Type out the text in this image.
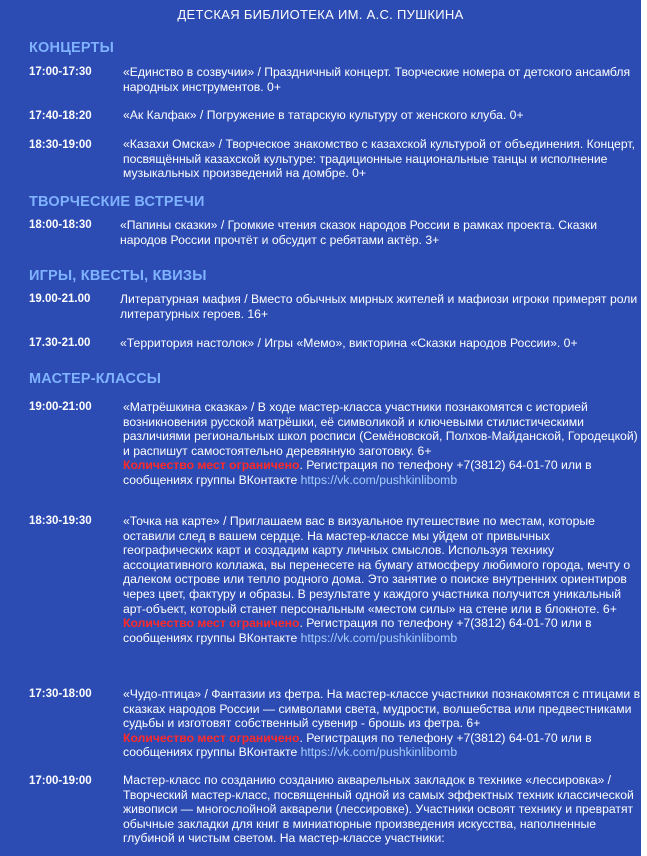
ДЕТСКАЯ БИБЛИОТЕКА ИМ. А.С. ПУШКИНА
КОНЦЕРТЫ
ТВОРЧЕСКИЕ ВСТРЕЧИ
ИГРЫ, КВЕСТЫ, КВИЗЫ
МАСТЕР-КЛАССЫ
17:00-17:30	«Единство в созвучии» / Праздничный концерт. Творческие номера от детского ансамбля народных инструментов. 0+
17:40-18:20	«Ак Калфак» / Погружение в татарскую культуру от женского клуба. 0+
18:30-19:00	«Казахи Омска» / Творческое знакомство с казахской культурой от объединения. Концерт, посвящённый казахской культуре: традиционные национальные танцы и исполнение музыкальных произведений на домбре. 0+
18:00-18:30 «Папины сказки» / Громкие чтения сказок народов России в рамках проекта. Сказки народов России прочтёт и обсудит с ребятами актёр. 3+
19.00-21.00 Литературная мафия / Вместо обычных мирных жителей и мафиози игроки примерят роли литературных героев. 16+
17.30-21.00 «Территория настолок» / Игры «Мемо», викторина «Сказки народов России». 0+
19:00-21:00	«Матрёшкина сказка» / В ходе мастер-класса участники познакомятся с историей возникновения русской матрёшки, её символикой и ключевыми стилистическими различиями региональных школ росписи (Семёновской, Полхов-Майданской, Городецкой) и распишут самостоятельно деревянную заготовку. 6+
Количество мест ограничено. Регистрация по телефону +7(3812) 64-01-70 или в сообщениях группы ВКонтакте https://vk.com/pushkinlibomb
18:30-19:30	«Точка на карте» / Приглашаем вас в визуальное путешествие по местам, которые оставили след в вашем сердце. На мастер-классе мы уйдем от привычных географических карт и создадим карту личных смыслов. Используя технику ассоциативного коллажа, вы перенесете на бумагу атмосферу любимого города, мечту о далеком острове или тепло родного дома. Это занятие о поиске внутренних ориентиров через цвет, фактуру и образы. В результате у каждого участника получится уникальный арт-объект, который станет персональным «местом силы» на стене или в блокноте. 6+
Количество мест ограничено. Регистрация по телефону +7(3812) 64-01-70 или в сообщениях группы ВКонтакте https://vk.com/pushkinlibomb
17:30-18:00	«Чудо-птица» / Фантазии из фетра. На мастер-классе участники познакомятся с птицами в сказках народов России — символами света, мудрости, волшебства или предвестниками судьбы и изготовят собственный сувенир - брошь из фетра. 6+
Количество мест ограничено. Регистрация по телефону +7(3812) 64-01-70 или в сообщениях группы ВКонтакте https://vk.com/pushkinlibomb
17:00-19:00	Мастер-класс по созданию созданию акварельных закладок в технике «лессировка» / Творческий мастер-класс, посвященный одной из самых эффектных техник классической живописи — многослойной акварели (лессировке). Участники освоят технику и превратят обычные закладки для книг в миниатюрные произведения искусства, наполненные глубиной и чистым светом. На мастер-классе участники:
